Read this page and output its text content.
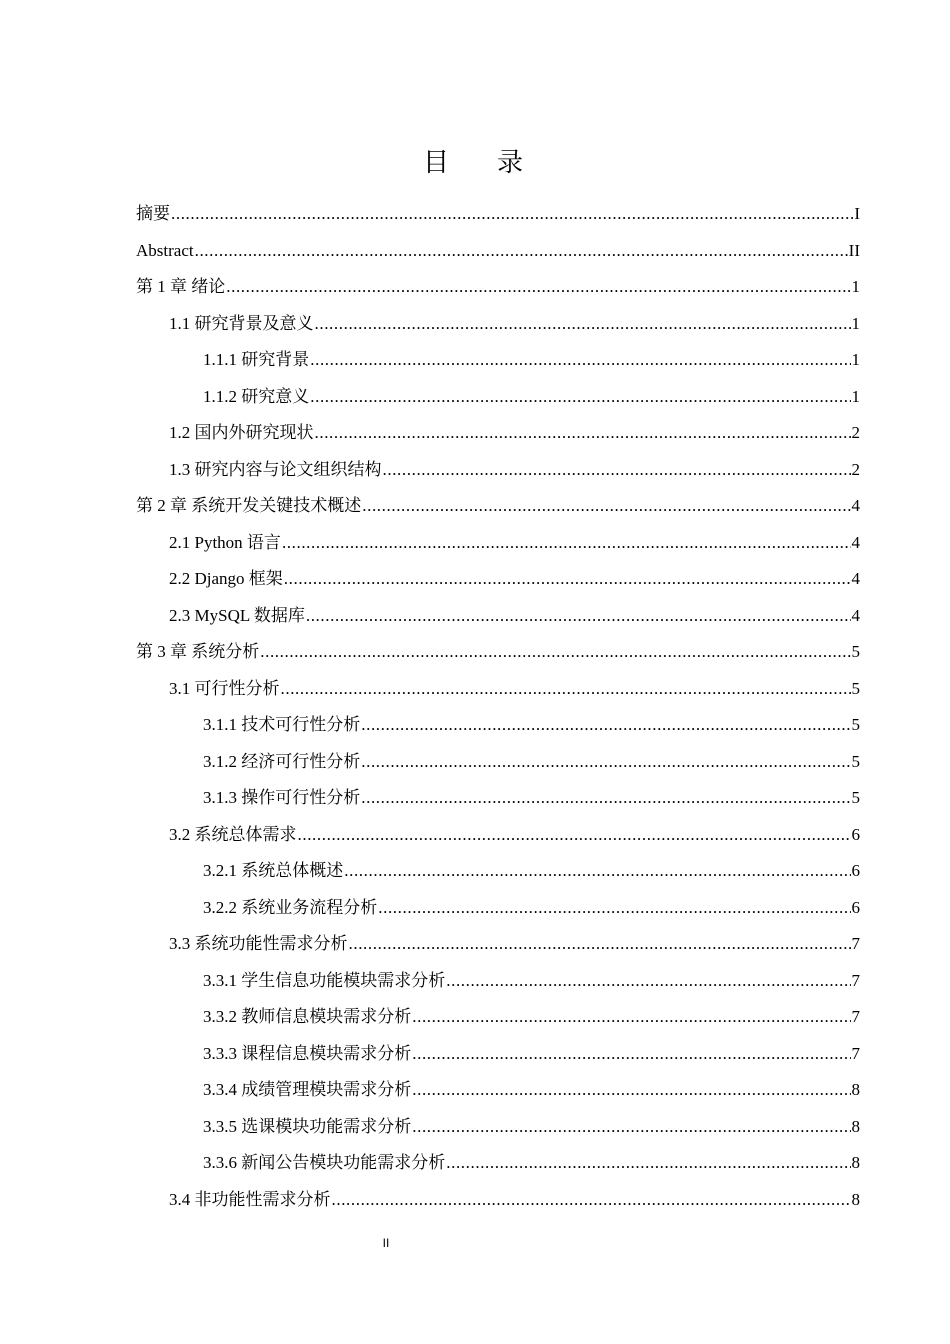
目录
摘要 .....	I
Abstract .....	II
第 1 章 绪论 .....	1
1.1 研究背景及意义 .....	1
1.1.1 研究背景 .....	1
1.1.2 研究意义 .....	1
1.2 国内外研究现状 .....	2
1.3 研究内容与论文组织结构 .....	2
第 2 章 系统开发关键技术概述 .....	4
2.1 Python 语言 .....	4
2.2 Django 框架 .....	4
2.3 MySQL 数据库 .....	4
第 3 章 系统分析 .....	5
3.1 可行性分析 .....	5
3.1.1 技术可行性分析 .....	5
3.1.2 经济可行性分析 .....	5
3.1.3 操作可行性分析 .....	5
3.2 系统总体需求 .....	6
3.2.1 系统总体概述 .....	6
3.2.2 系统业务流程分析 .....	6
3.3 系统功能性需求分析 .....	7
3.3.1 学生信息功能模块需求分析 .....	7
3.3.2 教师信息模块需求分析 .....	7
3.3.3 课程信息模块需求分析 .....	7
3.3.4 成绩管理模块需求分析 .....	8
3.3.5 选课模块功能需求分析 .....	8
3.3.6 新闻公告模块功能需求分析 .....	8
3.4 非功能性需求分析 .....	8
II
